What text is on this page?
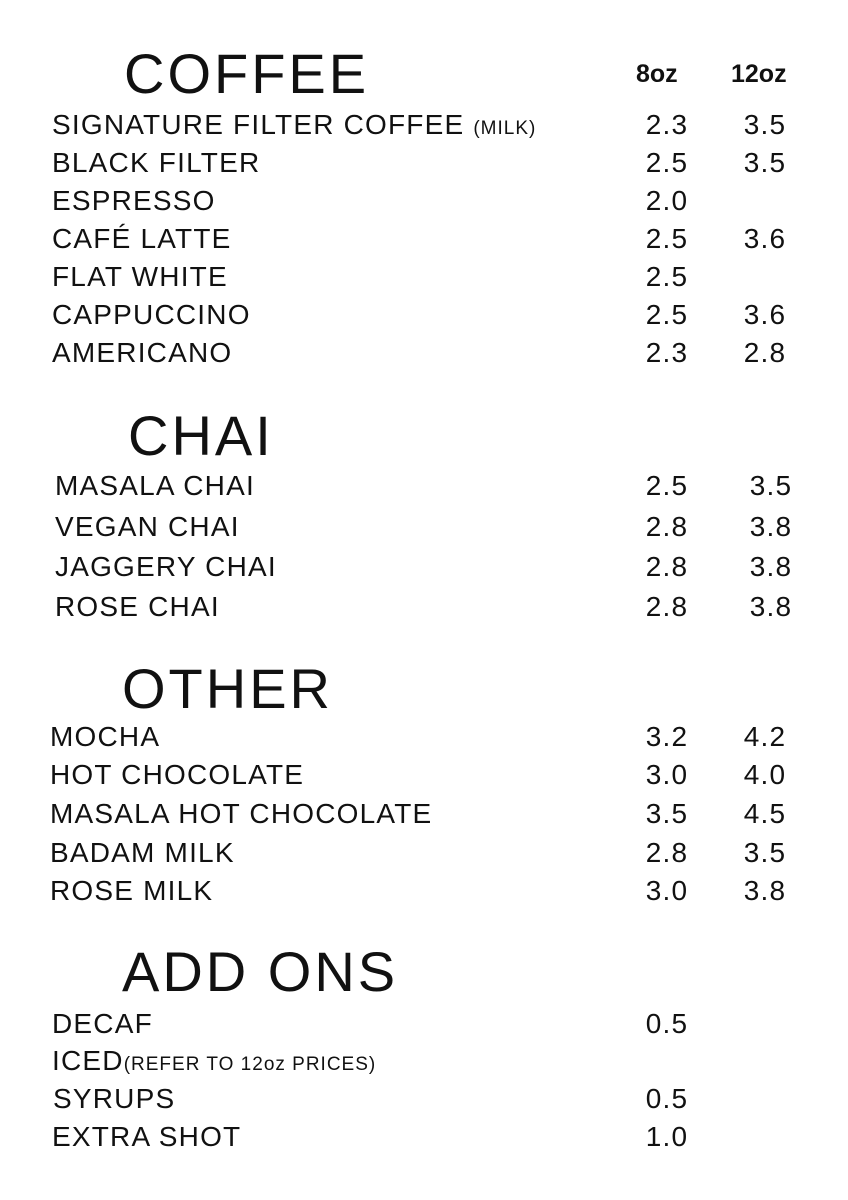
COFFEE	8oz 12oz
SIGNATURE FILTER COFFEE (MILK)	2.3 3.5
BLACK FILTER	2.5 3.5
ESPRESSO	2.0
CAFÉ LATTE	2.5 3.6
FLAT WHITE	2.5
CAPPUCCINO	2.5 3.6
AMERICANO	2.3 2.8
CHAI
MASALA CHAI	2.5 3.5
VEGAN CHAI	2.8 3.8
JAGGERY CHAI	2.8 3.8
ROSE CHAI	2.8 3.8
OTHER
MOCHA	3.2 4.2
HOT CHOCOLATE	3.0 4.0
MASALA HOT CHOCOLATE	3.5 4.5
BADAM MILK	2.8 3.5
ROSE MILK	3.0 3.8
ADD ONS
DECAF	0.5
ICED(REFER TO 12oz PRICES)
SYRUPS	0.5
EXTRA SHOT	1.0
